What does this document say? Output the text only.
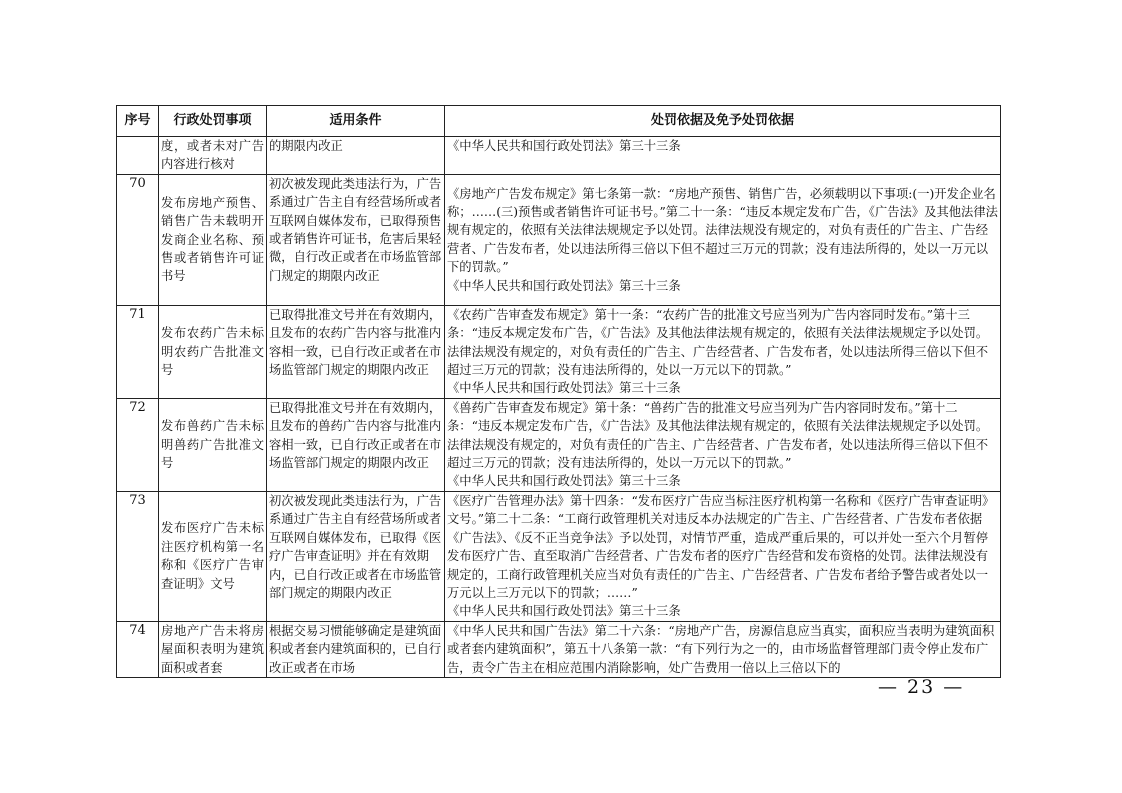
序号	行政处罚事项	适用条件	处罚依据及免予处罚依据
	度，或者未对广告内容进行核对	的期限内改正	《中华人民共和国行政处罚法》第三十三条

70	发布房地产预售、销售广告未载明开发商企业名称、预售或者销售许可证书号	初次被发现此类违法行为，广告系通过广告主自有经营场所或者互联网自媒体发布，已取得预售或者销售许可证书，危害后果轻微，自行改正或者在市场监管部门规定的期限内改正	《房地产广告发布规定》第七条第一款：“房地产预售、销售广告，必须载明以下事项:(一)开发企业名称；……(三)预售或者销售许可证书号。”第二十一条：“违反本规定发布广告，《广告法》及其他法律法规有规定的，依照有关法律法规规定予以处罚。法律法规没有规定的，对负有责任的广告主、广告经营者、广告发布者，处以违法所得三倍以下但不超过三万元的罚款；没有违法所得的，处以一万元以下的罚款。”
《中华人民共和国行政处罚法》第三十三条

71	发布农药广告未标明农药广告批准文号	已取得批准文号并在有效期内，且发布的农药广告内容与批准内容相一致，已自行改正或者在市场监管部门规定的期限内改正	《农药广告审查发布规定》第十一条：“农药广告的批准文号应当列为广告内容同时发布。”第十三条：“违反本规定发布广告，《广告法》及其他法律法规有规定的，依照有关法律法规规定予以处罚。法律法规没有规定的，对负有责任的广告主、广告经营者、广告发布者，处以违法所得三倍以下但不超过三万元的罚款；没有违法所得的，处以一万元以下的罚款。”
《中华人民共和国行政处罚法》第三十三条

72	发布兽药广告未标明兽药广告批准文号	已取得批准文号并在有效期内，且发布的兽药广告内容与批准内容相一致，已自行改正或者在市场监管部门规定的期限内改正	《兽药广告审查发布规定》第十条：“兽药广告的批准文号应当列为广告内容同时发布。”第十二条：“违反本规定发布广告，《广告法》及其他法律法规有规定的，依照有关法律法规规定予以处罚。法律法规没有规定的，对负有责任的广告主、广告经营者、广告发布者，处以违法所得三倍以下但不超过三万元的罚款；没有违法所得的，处以一万元以下的罚款。”
《中华人民共和国行政处罚法》第三十三条

73	发布医疗广告未标注医疗机构第一名称和《医疗广告审查证明》文号	初次被发现此类违法行为，广告系通过广告主自有经营场所或者互联网自媒体发布，已取得《医疗广告审查证明》并在有效期内，已自行改正或者在市场监管部门规定的期限内改正	《医疗广告管理办法》第十四条：“发布医疗广告应当标注医疗机构第一名称和《医疗广告审查证明》文号。”第二十二条：“工商行政管理机关对违反本办法规定的广告主、广告经营者、广告发布者依据《广告法》、《反不正当竞争法》予以处罚，对情节严重，造成严重后果的，可以并处一至六个月暂停发布医疗广告、直至取消广告经营者、广告发布者的医疗广告经营和发布资格的处罚。法律法规没有规定的，工商行政管理机关应当对负有责任的广告主、广告经营者、广告发布者给予警告或者处以一万元以上三万元以下的罚款；……”
《中华人民共和国行政处罚法》第三十三条

74	房地产广告未将房屋面积表明为建筑面积或者套	根据交易习惯能够确定是建筑面积或者套内建筑面积的，已自行改正或者在市场	《中华人民共和国广告法》第二十六条：“房地产广告，房源信息应当真实，面积应当表明为建筑面积或者套内建筑面积”，第五十八条第一款：“有下列行为之一的，由市场监督管理部门责令停止发布广告，责令广告主在相应范围内消除影响，处广告费用一倍以上三倍以下的
— 23 —
